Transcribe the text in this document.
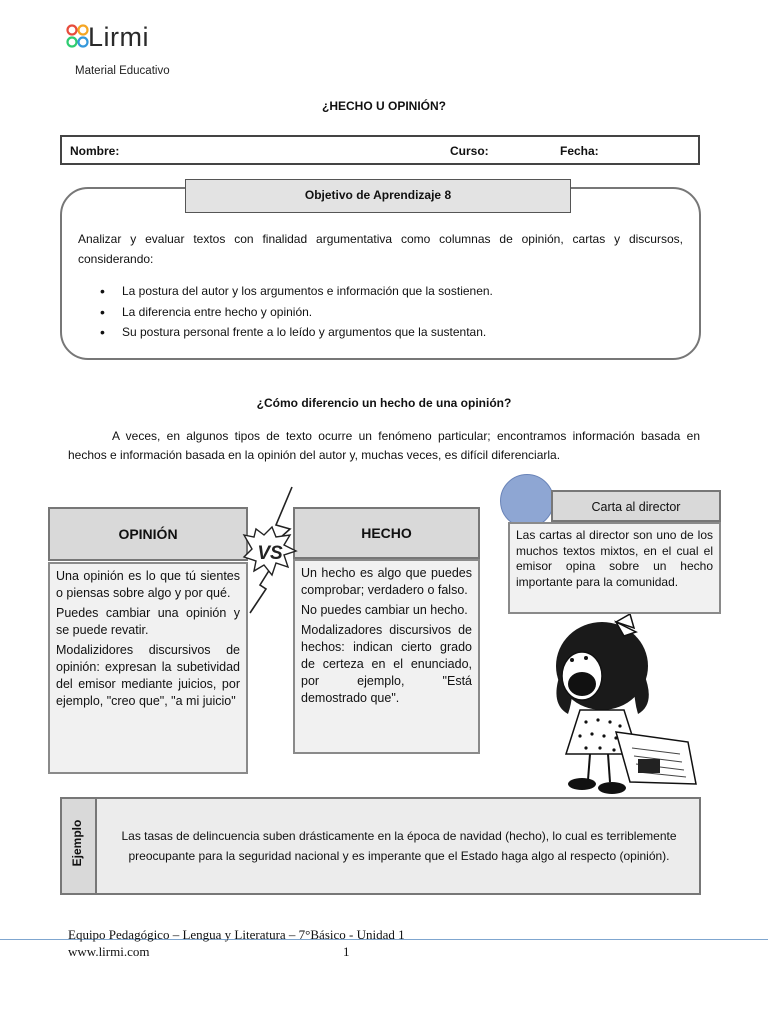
Lirmi
Material Educativo
¿HECHO U OPINIÓN?
Nombre:	Curso:	Fecha:
Objetivo de Aprendizaje 8
Analizar y evaluar textos con finalidad argumentativa como columnas de opinión, cartas y discursos, considerando:
• La postura del autor y los argumentos e información que la sostienen.
• La diferencia entre hecho y opinión.
• Su postura personal frente a lo leído y argumentos que la sustentan.
¿Cómo diferencio un hecho de una opinión?
A veces, en algunos tipos de texto ocurre un fenómeno particular; encontramos información basada en hechos e información basada en la opinión del autor y, muchas veces, es difícil diferenciarla.
OPINIÓN

Una opinión es lo que tú sientes o piensas sobre algo y por qué.

Puedes cambiar una opinión y se puede revatir.

Modalizidores discursivos de opinión: expresan la subetividad del emisor mediante juicios, por ejemplo, "creo que", "a mi juicio"

HECHO

Un hecho es algo que puedes comprobar; verdadero o falso.

No puedes cambiar un hecho.

Modalizadores discursivos de hechos: indican cierto grado de certeza en el enunciado, por ejemplo, "Está demostrado que".

VS
Carta al director
Las cartas al director son uno de los muchos textos mixtos, en el cual el emisor opina sobre un hecho importante para la comunidad.
Ejemplo	Las tasas de delincuencia suben drásticamente en la época de navidad (hecho), lo cual es terriblemente preocupante para la seguridad nacional y es imperante que el Estado haga algo al respecto (opinión).
Equipo Pedagógico – Lengua y Literatura – 7°Básico - Unidad 1
www.lirmi.com	1
